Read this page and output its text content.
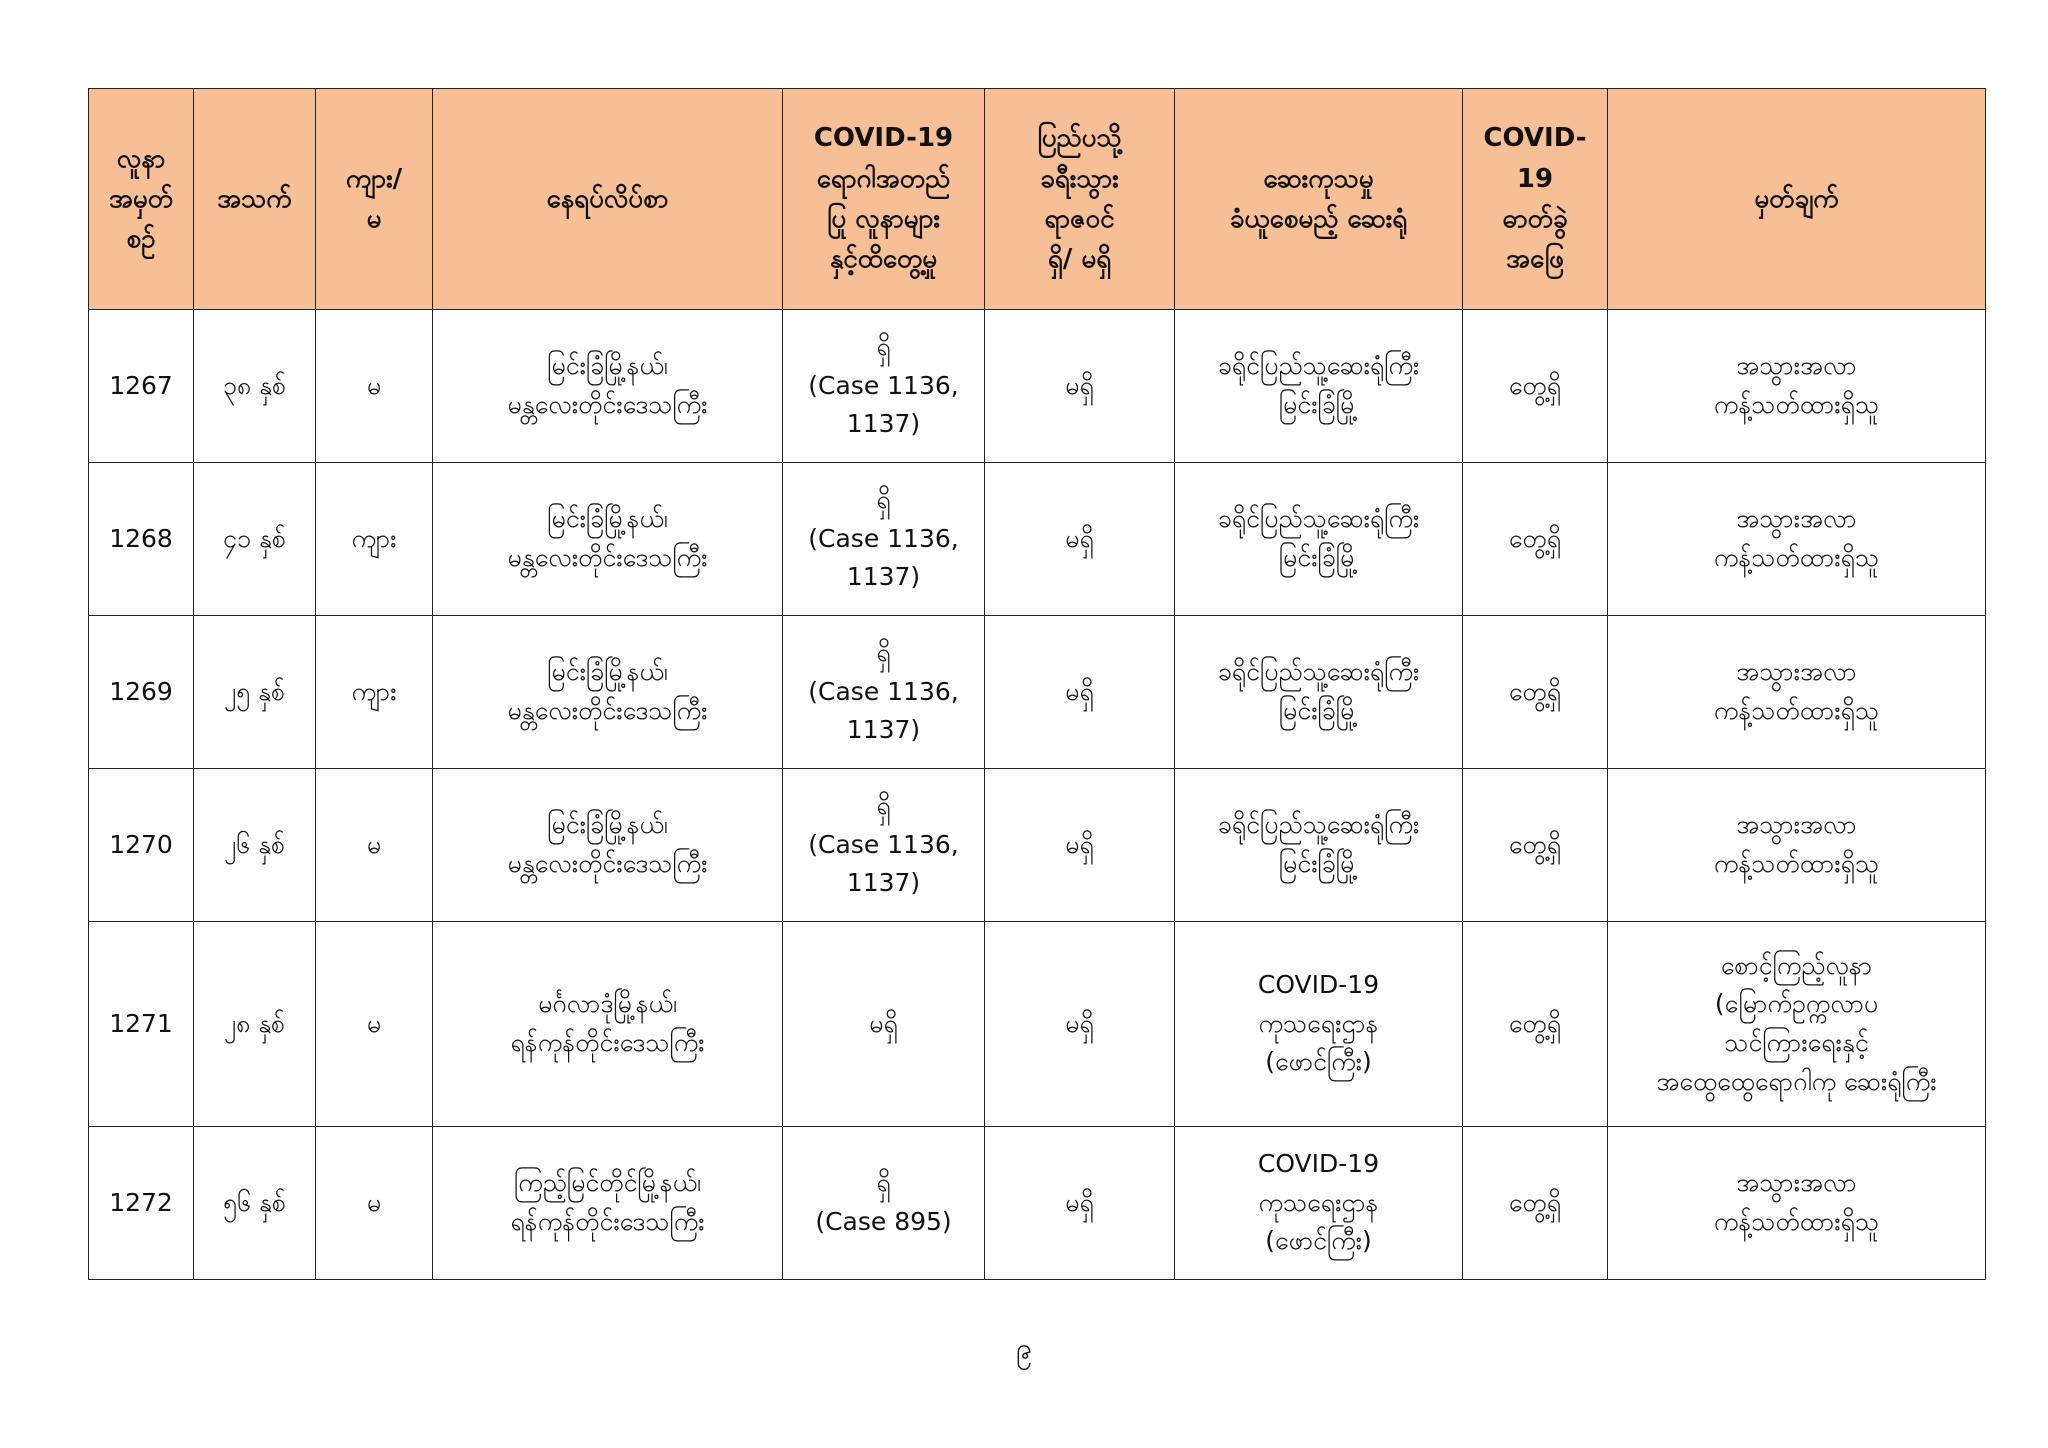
လူနာ
အမှတ်
စဉ်	အသက်	ကျား/
မ	နေရပ်လိပ်စာ	COVID-19
ရောဂါအတည်
ပြု လူနာများ
နှင့်ထိတွေ့မှု	ပြည်ပသို့
ခရီးသွား
ရာဇဝင်
ရှိ/ မရှိ	ဆေးကုသမှု
ခံယူစေမည့် ဆေးရုံ	COVID-
19
ဓာတ်ခွဲ
အဖြေ	မှတ်ချက်

1267	၃၈ နှစ်	မ	မြင်းခြံမြို့နယ်၊
မန္တလေးတိုင်းဒေသကြီး	ရှိ
(Case 1136,
1137)	မရှိ	ခရိုင်ပြည်သူ့ဆေးရုံကြီး
မြင်းခြံမြို့	တွေ့ရှိ	အသွားအလာ
ကန့်သတ်ထားရှိသူ

1268	၄၁ နှစ်	ကျား	မြင်းခြံမြို့နယ်၊
မန္တလေးတိုင်းဒေသကြီး	ရှိ
(Case 1136,
1137)	မရှိ	ခရိုင်ပြည်သူ့ဆေးရုံကြီး
မြင်းခြံမြို့	တွေ့ရှိ	အသွားအလာ
ကန့်သတ်ထားရှိသူ

1269	၂၅ နှစ်	ကျား	မြင်းခြံမြို့နယ်၊
မန္တလေးတိုင်းဒေသကြီး	ရှိ
(Case 1136,
1137)	မရှိ	ခရိုင်ပြည်သူ့ဆေးရုံကြီး
မြင်းခြံမြို့	တွေ့ရှိ	အသွားအလာ
ကန့်သတ်ထားရှိသူ

1270	၂၆ နှစ်	မ	မြင်းခြံမြို့နယ်၊
မန္တလေးတိုင်းဒေသကြီး	ရှိ
(Case 1136,
1137)	မရှိ	ခရိုင်ပြည်သူ့ဆေးရုံကြီး
မြင်းခြံမြို့	တွေ့ရှိ	အသွားအလာ
ကန့်သတ်ထားရှိသူ

1271	၂၈ နှစ်	မ	မင်္ဂလာဒုံမြို့နယ်၊
ရန်ကုန်တိုင်းဒေသကြီး	မရှိ	မရှိ	COVID-19
ကုသရေးဌာန
(ဖောင်ကြီး)	တွေ့ရှိ	စောင့်ကြည့်လူနာ
(မြောက်ဥက္ကလာပ
သင်ကြားရေးနှင့်
အထွေထွေရောဂါကု ဆေးရုံကြီး

1272	၅၆ နှစ်	မ	ကြည့်မြင်တိုင်မြို့နယ်၊
ရန်ကုန်တိုင်းဒေသကြီး	ရှိ
(Case 895)	မရှိ	COVID-19
ကုသရေးဌာန
(ဖောင်ကြီး)	တွေ့ရှိ	အသွားအလာ
ကန့်သတ်ထားရှိသူ
၉
